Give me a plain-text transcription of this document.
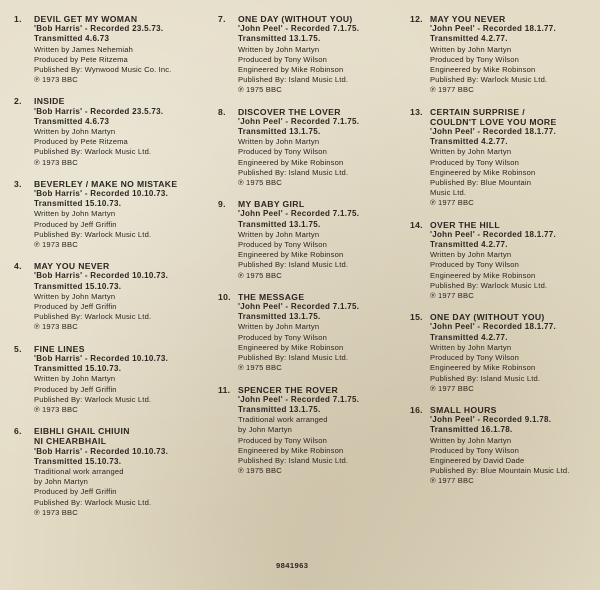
1. DEVIL GET MY WOMAN
'Bob Harris' - Recorded 23.5.73.
Transmitted 4.6.73
Written by James Nehemiah
Produced by Pete Ritzema
Published By: Wynwood Music Co. Inc.
℗ 1973 BBC
2. INSIDE
'Bob Harris' - Recorded 23.5.73.
Transmitted 4.6.73
Written by John Martyn
Produced by Pete Ritzema
Published By: Warlock Music Ltd.
℗ 1973 BBC
3. BEVERLEY / MAKE NO MISTAKE
'Bob Harris' - Recorded 10.10.73.
Transmitted 15.10.73.
Written by John Martyn
Produced by Jeff Griffin
Published By: Warlock Music Ltd.
℗ 1973 BBC
4. MAY YOU NEVER
'Bob Harris' - Recorded 10.10.73.
Transmitted 15.10.73.
Written by John Martyn
Produced by Jeff Griffin
Published By: Warlock Music Ltd.
℗ 1973 BBC
5. FINE LINES
'Bob Harris' - Recorded 10.10.73.
Transmitted 15.10.73.
Written by John Martyn
Produced by Jeff Griffin
Published By: Warlock Music Ltd.
℗ 1973 BBC
6. EIBHLI GHAIL CHIUIN
NI CHEARBHAIL
'Bob Harris' - Recorded 10.10.73.
Transmitted 15.10.73.
Traditional work arranged
by John Martyn
Produced by Jeff Griffin
Published By: Warlock Music Ltd.
℗ 1973 BBC
7. ONE DAY (WITHOUT YOU)
'John Peel' - Recorded 7.1.75.
Transmitted 13.1.75.
Written by John Martyn
Produced by Tony Wilson
Engineered by Mike Robinson
Published By: Island Music Ltd.
℗ 1975 BBC
8. DISCOVER THE LOVER
'John Peel' - Recorded 7.1.75.
Transmitted 13.1.75.
Written by John Martyn
Produced by Tony Wilson
Engineered by Mike Robinson
Published By: Island Music Ltd.
℗ 1975 BBC
9. MY BABY GIRL
'John Peel' - Recorded 7.1.75.
Transmitted 13.1.75.
Written by John Martyn
Produced by Tony Wilson
Engineered by Mike Robinson
Published By: Island Music Ltd.
℗ 1975 BBC
10. THE MESSAGE
'John Peel' - Recorded 7.1.75.
Transmitted 13.1.75.
Written by John Martyn
Produced by Tony Wilson
Engineered by Mike Robinson
Published By: Island Music Ltd.
℗ 1975 BBC
11. SPENCER THE ROVER
'John Peel' - Recorded 7.1.75.
Transmitted 13.1.75.
Traditional work arranged
by John Martyn
Produced by Tony Wilson
Engineered by Mike Robinson
Published By: Island Music Ltd.
℗ 1975 BBC
12. MAY YOU NEVER
'John Peel' - Recorded 18.1.77.
Transmitted 4.2.77.
Written by John Martyn
Produced by Tony Wilson
Engineered by Mike Robinson
Published By: Warlock Music Ltd.
℗ 1977 BBC
13. CERTAIN SURPRISE /
COULDN'T LOVE YOU MORE
'John Peel' - Recorded 18.1.77.
Transmitted 4.2.77.
Written by John Martyn
Produced by Tony Wilson
Engineered by Mike Robinson
Published By: Blue Mountain
Music Ltd.
℗ 1977 BBC
14. OVER THE HILL
'John Peel' - Recorded 18.1.77.
Transmitted 4.2.77.
Written by John Martyn
Produced by Tony Wilson
Engineered by Mike Robinson
Published By: Warlock Music Ltd.
℗ 1977 BBC
15. ONE DAY (WITHOUT YOU)
'John Peel' - Recorded 18.1.77.
Transmitted 4.2.77.
Written by John Martyn
Produced by Tony Wilson
Engineered by Mike Robinson
Published By: Island Music Ltd.
℗ 1977 BBC
16. SMALL HOURS
'John Peel' - Recorded 9.1.78.
Transmitted 16.1.78.
Written by John Martyn
Produced by Tony Wilson
Engineered by David Dade
Published By: Blue Mountain Music Ltd.
℗ 1977 BBC
9841963
